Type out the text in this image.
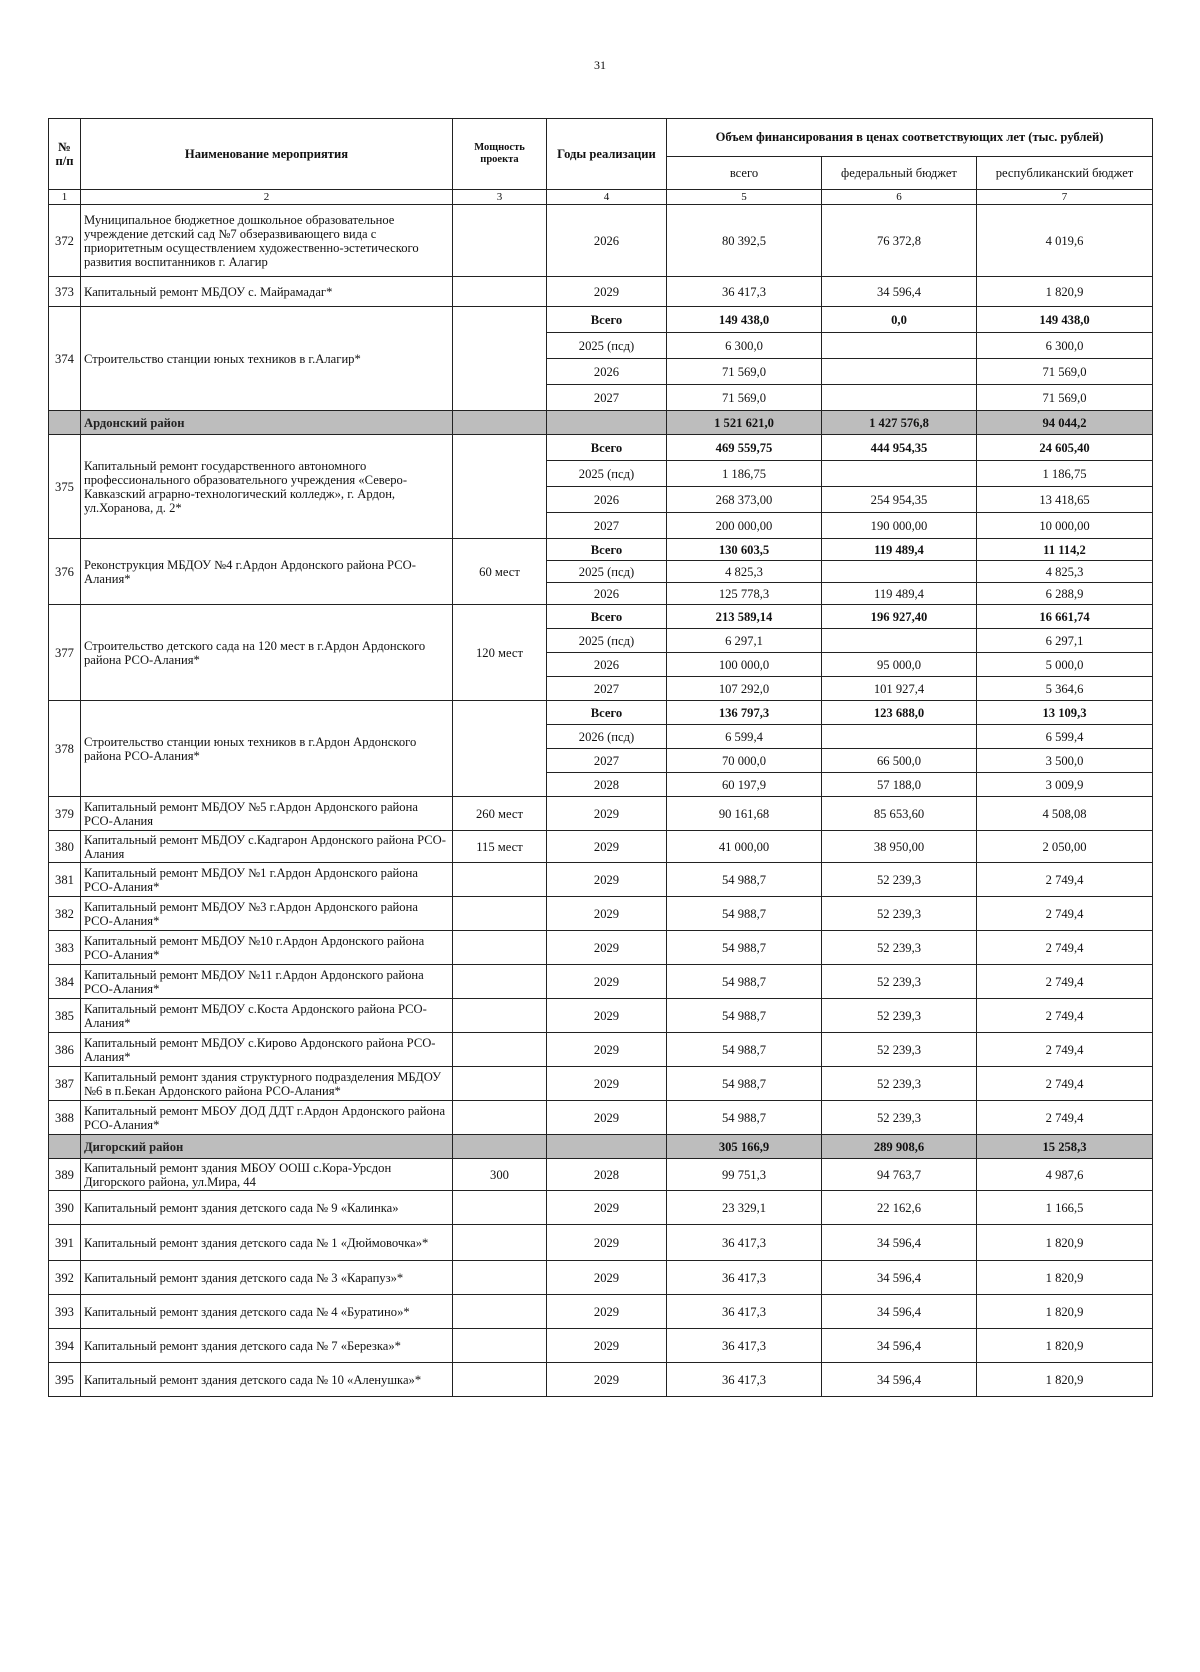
31
№ п/п	Наименование мероприятия	Мощность проекта	Годы реализации	Объем финансирования в ценах соответствующих лет (тыс. рублей)		
				всего	федеральный бюджет	республиканский бюджет
1	2	3	4	5	6	7
372	Муниципальное бюджетное дошкольное образовательное учреждение детский сад №7 обзеразвивающего вида с приоритетным осуществлением художественно-эстетического развития воспитанников г. Алагир		2026	80 392,5	76 372,8	4 019,6
373	Капитальный ремонт МБДОУ с. Майрамадаг*		2029	36 417,3	34 596,4	1 820,9
374	Строительство станции юных техников в г.Алагир*		Всего	149 438,0	0,0	149 438,0
			2025 (псд)	6 300,0		6 300,0
			2026	71 569,0		71 569,0
			2027	71 569,0		71 569,0
	Ардонский район			1 521 621,0	1 427 576,8	94 044,2
375	Капитальный ремонт государственного автономного профессионального образовательного учреждения «Северо-Кавказский аграрно-технологический колледж», г. Ардон, ул.Хоранова, д. 2*		Всего	469 559,75	444 954,35	24 605,40
			2025 (псд)	1 186,75		1 186,75
			2026	268 373,00	254 954,35	13 418,65
			2027	200 000,00	190 000,00	10 000,00
376	Реконструкция МБДОУ №4 г.Ардон Ардонского района РСО-Алания*	60 мест	Всего	130 603,5	119 489,4	11 114,2
			2025 (псд)	4 825,3		4 825,3
			2026	125 778,3	119 489,4	6 288,9
377	Строительство детского сада на 120 мест в г.Ардон Ардонского района РСО-Алания*	120 мест	Всего	213 589,14	196 927,40	16 661,74
			2025 (псд)	6 297,1		6 297,1
			2026	100 000,0	95 000,0	5 000,0
			2027	107 292,0	101 927,4	5 364,6
378	Строительство станции юных техников в г.Ардон Ардонского района РСО-Алания*		Всего	136 797,3	123 688,0	13 109,3
			2026 (псд)	6 599,4		6 599,4
			2027	70 000,0	66 500,0	3 500,0
			2028	60 197,9	57 188,0	3 009,9
379	Капитальный ремонт МБДОУ №5 г.Ардон Ардонского района РСО-Алания	260 мест	2029	90 161,68	85 653,60	4 508,08
380	Капитальный ремонт МБДОУ с.Кадгарон Ардонского района РСО-Алания	115 мест	2029	41 000,00	38 950,00	2 050,00
381	Капитальный ремонт МБДОУ №1 г.Ардон Ардонского района РСО-Алания*		2029	54 988,7	52 239,3	2 749,4
382	Капитальный ремонт МБДОУ №3 г.Ардон Ардонского района РСО-Алания*		2029	54 988,7	52 239,3	2 749,4
383	Капитальный ремонт МБДОУ №10 г.Ардон Ардонского района РСО-Алания*		2029	54 988,7	52 239,3	2 749,4
384	Капитальный ремонт МБДОУ №11 г.Ардон Ардонского района РСО-Алания*		2029	54 988,7	52 239,3	2 749,4
385	Капитальный ремонт МБДОУ с.Коста Ардонского района РСО-Алания*		2029	54 988,7	52 239,3	2 749,4
386	Капитальный ремонт МБДОУ с.Кирово Ардонского района РСО-Алания*		2029	54 988,7	52 239,3	2 749,4
387	Капитальный ремонт здания структурного подразделения МБДОУ №6 в п.Бекан Ардонского района РСО-Алания*		2029	54 988,7	52 239,3	2 749,4
388	Капитальный ремонт МБОУ ДОД ДДТ г.Ардон Ардонского района РСО-Алания*		2029	54 988,7	52 239,3	2 749,4
	Дигорский район			305 166,9	289 908,6	15 258,3
389	Капитальный ремонт здания МБОУ ООШ с.Кора-Урсдон Дигорского района, ул.Мира, 44	300	2028	99 751,3	94 763,7	4 987,6
390	Капитальный ремонт здания детского сада № 9 «Калинка»		2029	23 329,1	22 162,6	1 166,5
391	Капитальный ремонт здания детского сада № 1 «Дюймовочка»*		2029	36 417,3	34 596,4	1 820,9
392	Капитальный ремонт здания детского сада № 3 «Карапуз»*		2029	36 417,3	34 596,4	1 820,9
393	Капитальный ремонт здания детского сада № 4 «Буратино»*		2029	36 417,3	34 596,4	1 820,9
394	Капитальный ремонт здания детского сада № 7 «Березка»*		2029	36 417,3	34 596,4	1 820,9
395	Капитальный ремонт здания детского сада № 10 «Аленушка»*		2029	36 417,3	34 596,4	1 820,9
